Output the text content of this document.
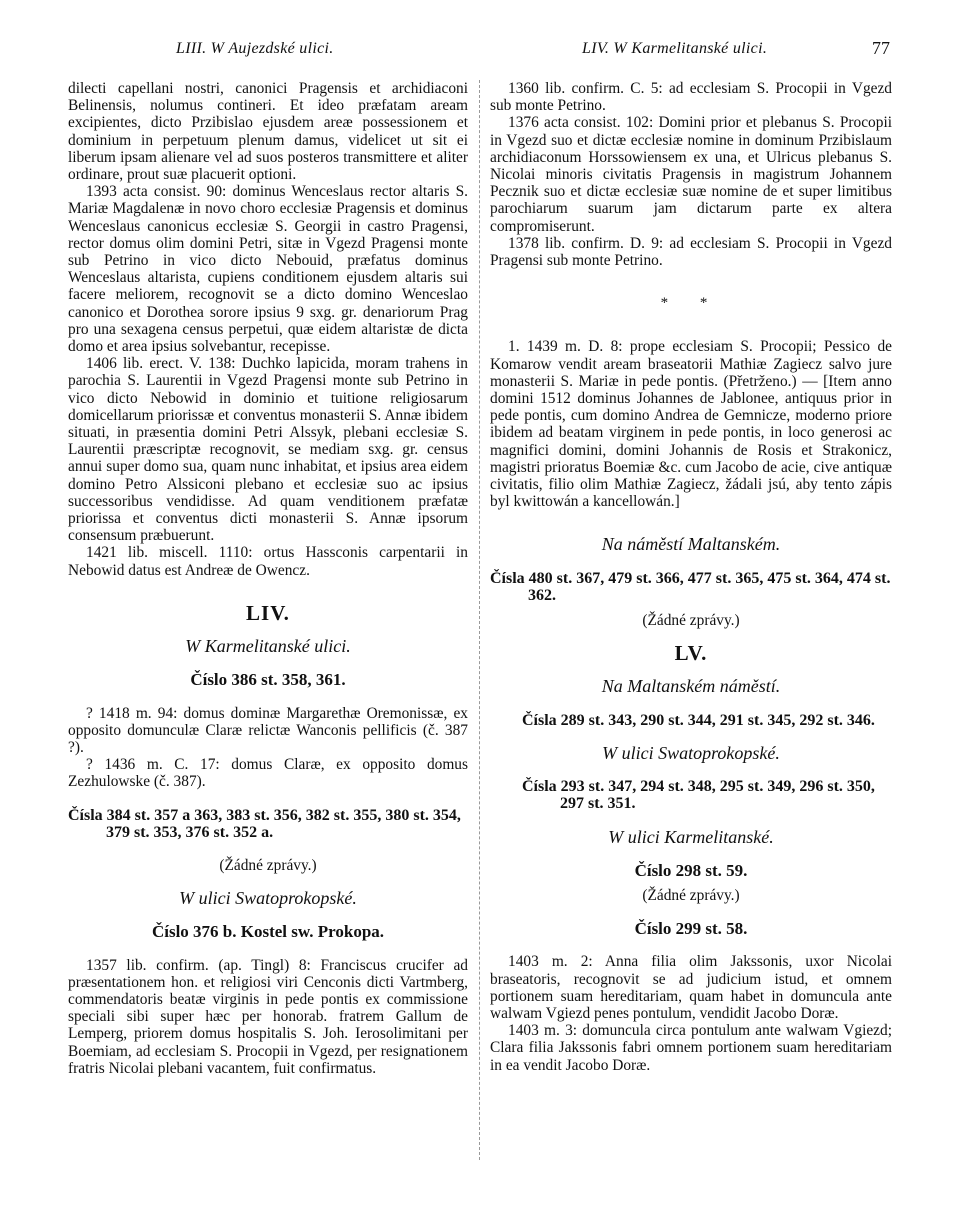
LIII. W Aujezdské ulici.	LIV. W Karmelitanské ulici.	77

dilecti capellani nostri, canonici Pragensis et archidiaconi Belinensis, nolumus contineri. Et ideo præfatam aream excipientes, dicto Przibislao ejusdem areæ possessionem et dominium in perpetuum plenum damus, videlicet ut sit ei liberum ipsam alienare vel ad suos posteros transmittere et aliter ordinare, prout suæ placuerit optioni.

1393 acta consist. 90: dominus Wenceslaus rector altaris S. Mariæ Magdalenæ in novo choro ecclesiæ Pragensis et dominus Wenceslaus canonicus ecclesiæ S. Georgii in castro Pragensi, rector domus olim domini Petri, sitæ in Vgezd Pragensi monte sub Petrino in vico dicto Nebouid, præfatus dominus Wenceslaus altarista, cupiens conditionem ejusdem altaris sui facere meliorem, recognovit se a dicto domino Wenceslao canonico et Dorothea sorore ipsius 9 sxg. gr. denariorum Prag pro una sexagena census perpetui, quæ eidem altaristæ de dicta domo et area ipsius solvebantur, recepisse.

1406 lib. erect. V. 138: Duchko lapicida, moram trahens in parochia S. Laurentii in Vgezd Pragensi monte sub Petrino in vico dicto Nebowid in dominio et tuitione religiosarum domicellarum priorissæ et conventus monasterii S. Annæ ibidem situati, in præsentia domini Petri Alssyk, plebani ecclesiæ S. Laurentii præscriptæ recognovit, se mediam sxg. gr. census annui super domo sua, quam nunc inhabitat, et ipsius area eidem domino Petro Alssiconi plebano et ecclesiæ suo ac ipsius successoribus vendidisse. Ad quam venditionem præfatæ priorissa et conventus dicti monasterii S. Annæ ipsorum consensum præbuerunt.

1421 lib. miscell. 1110: ortus Hassconis carpentarii in Nebowid datus est Andreæ de Owencz.

LIV.
W Karmelitanské ulici.
Číslo 386 st. 358, 361.

? 1418 m. 94: domus dominæ Margarethæ Oremonissæ, ex opposito domunculæ Claræ relictæ Wanconis pellificis (č. 387 ?).

? 1436 m. C. 17: domus Claræ, ex opposito domus Zezhulowske (č. 387).

Čísla 384 st. 357 a 363, 383 st. 356, 382 st. 355, 380 st. 354, 379 st. 353, 376 st. 352 a.

(Žádné zprávy.)
W ulici Swatoprokopské.
Číslo 376 b. Kostel sw. Prokopa.

1357 lib. confirm. (ap. Tingl) 8: Franciscus crucifer ad præsentationem hon. et religiosi viri Cenconis dicti Vartmberg, commendatoris beatæ virginis in pede pontis ex commissione speciali sibi super hæc per honorab. fratrem Gallum de Lemperg, priorem domus hospitalis S. Joh. Ierosolimitani per Boemiam, ad ecclesiam S. Procopii in Vgezd, per resignationem fratris Nicolai plebani vacantem, fuit confirmatus.

1360 lib. confirm. C. 5: ad ecclesiam S. Procopii in Vgezd sub monte Petrino.

1376 acta consist. 102: Domini prior et plebanus S. Procopii in Vgezd suo et dictæ ecclesiæ nomine in dominum Przibislaum archidiaconum Horssowiensem ex una, et Ulricus plebanus S. Nicolai minoris civitatis Pragensis in magistrum Johannem Pecznik suo et dictæ ecclesiæ suæ nomine de et super limitibus parochiarum suarum jam dictarum parte ex altera compromiserunt.

1378 lib. confirm. D. 9: ad ecclesiam S. Procopii in Vgezd Pragensi sub monte Petrino.

* *

1. 1439 m. D. 8: prope ecclesiam S. Procopii; Pessico de Komarow vendit aream braseatorii Mathiæ Zagiecz salvo jure monasterii S. Mariæ in pede pontis. (Přetrženo.) — [Item anno domini 1512 dominus Johannes de Jablonee, antiquus prior in pede pontis, cum domino Andrea de Gemnicze, moderno priore ibidem ad beatam virginem in pede pontis, in loco generosi ac magnifici domini, domini Johannis de Rosis et Strakonicz, magistri prioratus Boemiæ &c. cum Jacobo de acie, cive antiquæ civitatis, filio olim Mathiæ Zagiecz, žádali jsú, aby tento zápis byl kwittowán a kancellowán.]

Na náměstí Maltanském.

Čísla 480 st. 367, 479 st. 366, 477 st. 365, 475 st. 364, 474 st. 362.

(Žádné zprávy.)
LV.
Na Maltanském náměstí.

Čísla 289 st. 343, 290 st. 344, 291 st. 345, 292 st. 346.

W ulici Swatoprokopské.

Čísla 293 st. 347, 294 st. 348, 295 st. 349, 296 st. 350, 297 st. 351.

W ulici Karmelitanské.
Číslo 298 st. 59.
(Žádné zprávy.)
Číslo 299 st. 58.

1403 m. 2: Anna filia olim Jakssonis, uxor Nicolai braseatoris, recognovit se ad judicium istud, et omnem portionem suam hereditariam, quam habet in domuncula ante walwam Vgiezd penes pontulum, vendidit Jacobo Doræ.

1403 m. 3: domuncula circa pontulum ante walwam Vgiezd; Clara filia Jakssonis fabri omnem portionem suam hereditariam in ea vendit Jacobo Doræ.
